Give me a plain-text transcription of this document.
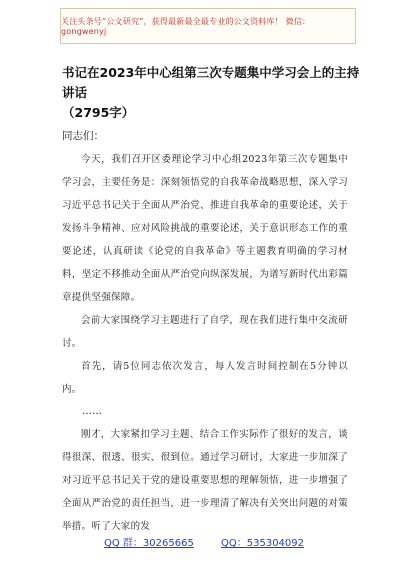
关注头条号“公文研究”，获得最新最全最专业的公文资料库！ 微信：gongwenyj
书记在2023年中心组第三次专题集中学习会上的主持讲话
（2795字）

同志们：

今天，我们召开区委理论学习中心组2023年第三次专题集中学习会，主要任务是：深刻领悟党的自我革命战略思想，深入学习习近平总书记关于全面从严治党、推进自我革命的重要论述，关于发扬斗争精神、应对风险挑战的重要论述，关于意识形态工作的重要论述，认真研读《论党的自我革命》等主题教育明确的学习材料，坚定不移推动全面从严治党向纵深发展，为谱写新时代出彩篇章提供坚强保障。

会前大家围绕学习主题进行了自学，现在我们进行集中交流研讨。

首先，请5位同志依次发言，每人发言时间控制在5分钟以内。

……

刚才，大家紧扣学习主题、结合工作实际作了很好的发言，谈得很深、很透、很实、很到位。通过学习研讨，大家进一步加深了对习近平总书记关于党的建设重要思想的理解领悟，进一步增强了全面从严治党的责任担当，进一步理清了解决有关突出问题的对策举措。听了大家的发

QQ 群：30265665	QQ：535304092
